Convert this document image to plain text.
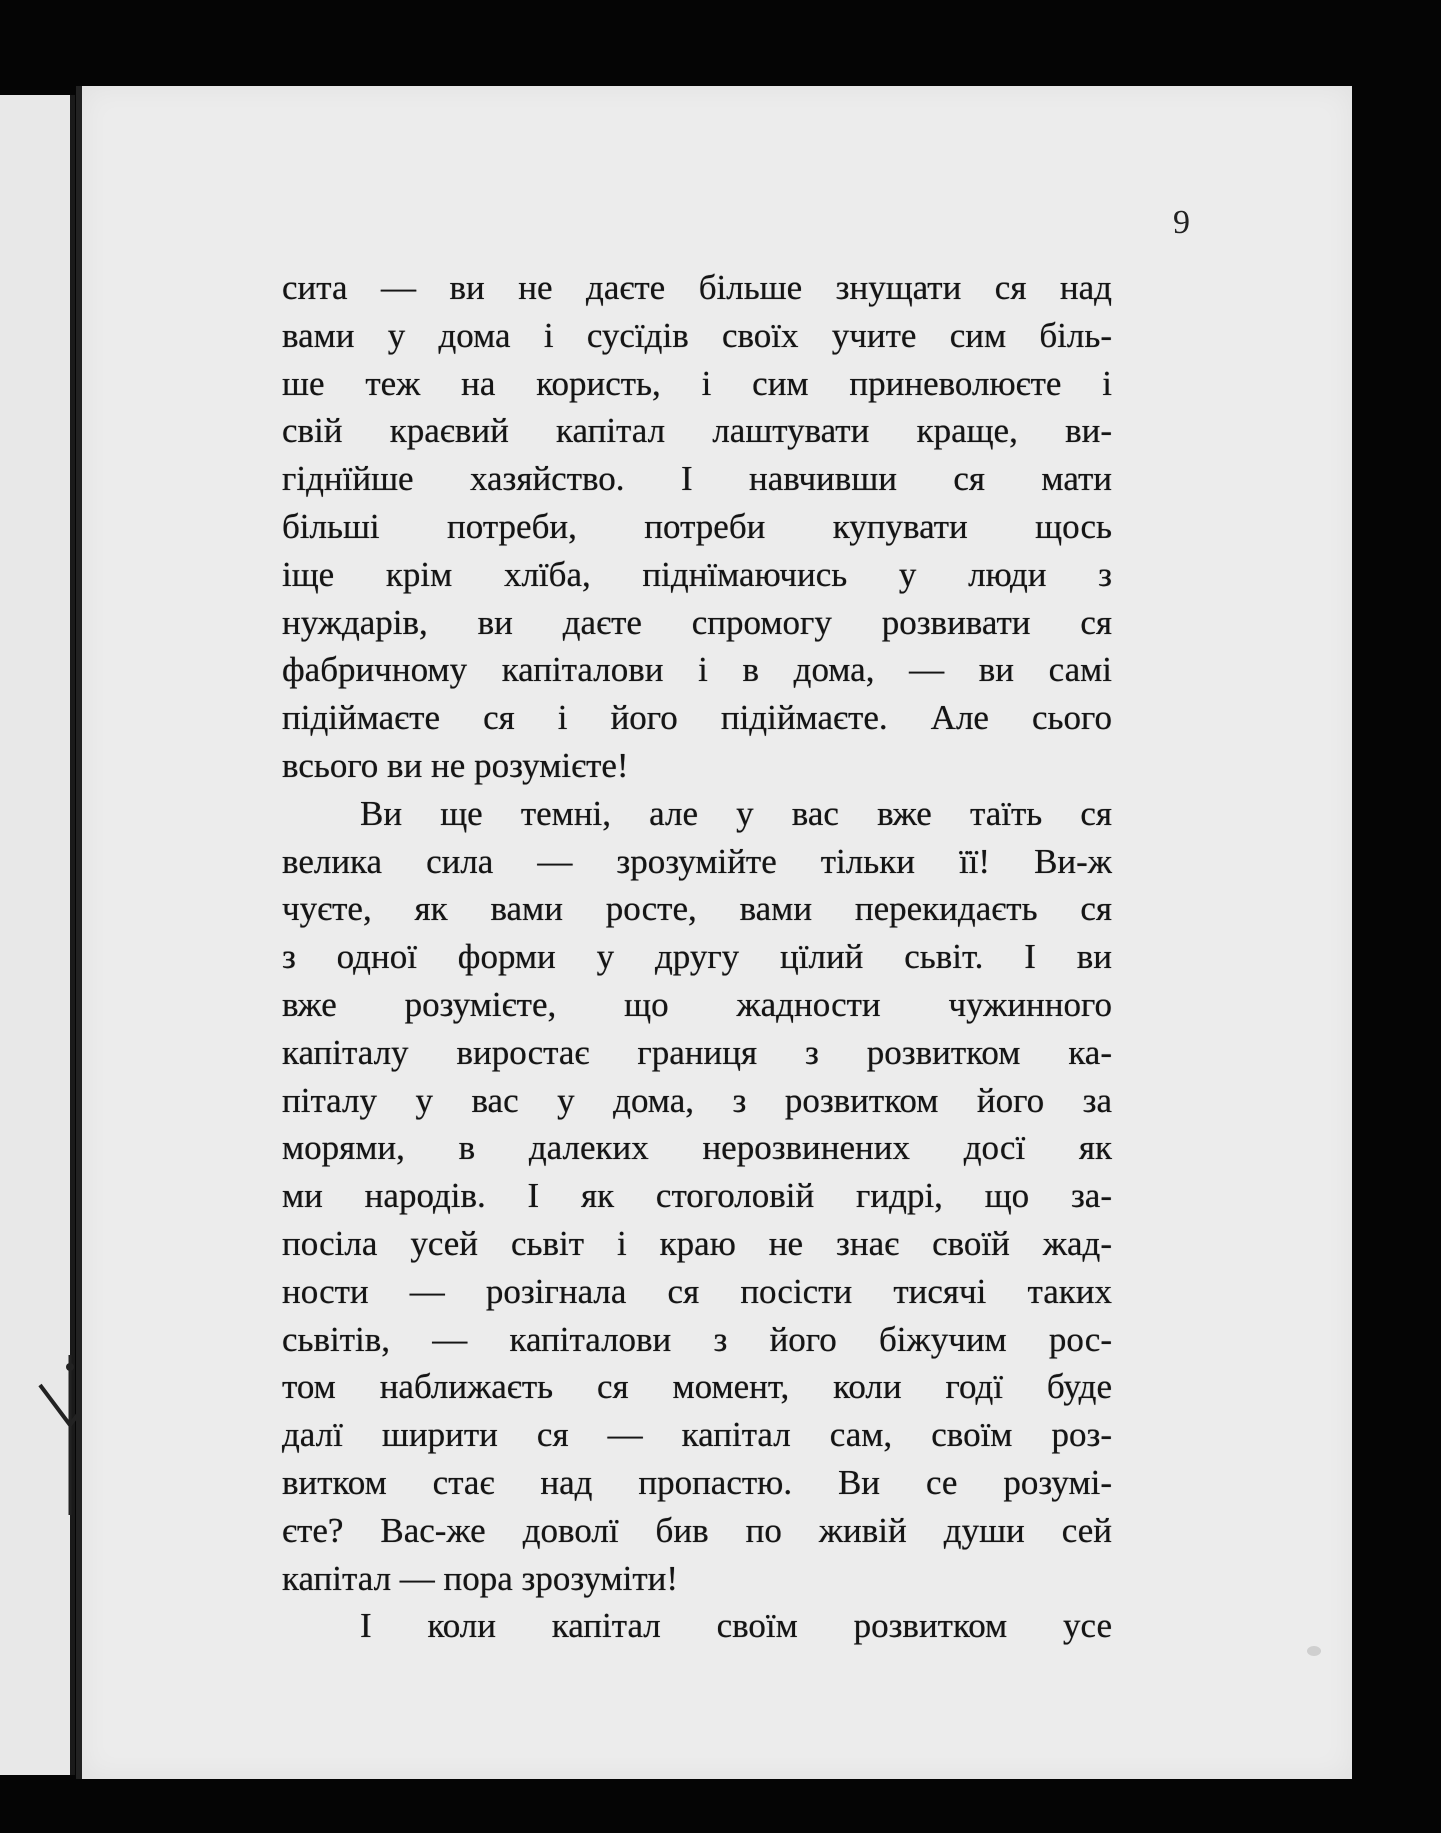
9
сита — ви не даєте більше знущати ся над
вами у дома і сусїдів своїх учите сим біль-
ше теж на користь, і сим приневолюєте і
свій краєвий капітал лаштувати краще, ви-
гіднїйше хазяйство. І навчивши ся мати
більші потреби, потреби купувати щось
іще крім хлїба, піднїмаючись у люди з
нуждарів, ви даєте спромогу розвивати ся
фабричному капіталови і в дома, — ви самі
підіймаєте ся і його підіймаєте. Але сього
всього ви не розумієте!
Ви ще темні, але у вас вже таїть ся
велика сила — зрозумійте тільки її! Ви-ж
чуєте, як вами росте, вами перекидаєть ся
з одної форми у другу цїлий сьвіт. І ви
вже розумієте, що жадности чужинного
капіталу виростає границя з розвитком ка-
піталу у вас у дома, з розвитком його за
морями, в далеких нерозвинених досї як
ми народів. І як стоголовій гидрі, що за-
посіла усей сьвіт і краю не знає своїй жад-
ности — розігнала ся посісти тисячі таких
сьвітів, — капіталови з його біжучим рос-
том наближаєть ся момент, коли годї буде
далї ширити ся — капітал сам, своїм роз-
витком стає над пропастю. Ви се розумі-
єте? Вас-же доволї бив по живій души сей
капітал — пора зрозуміти!
І коли капітал своїм розвитком усе
